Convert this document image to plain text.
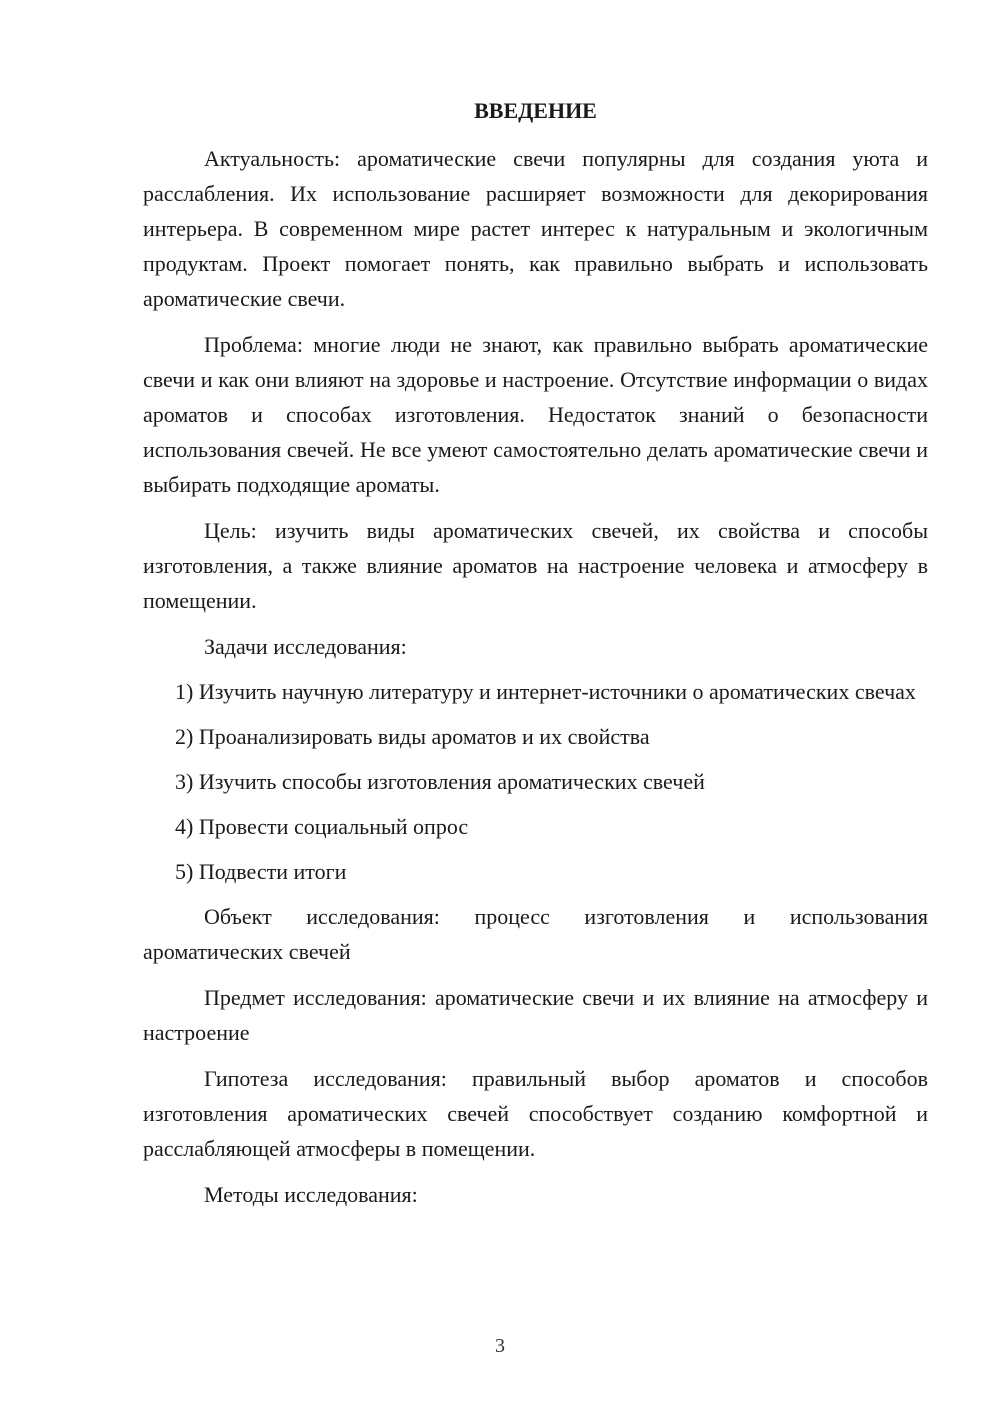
ВВЕДЕНИЕ

Актуальность: ароматические свечи популярны для создания уюта и расслабления. Их использование расширяет возможности для декорирования интерьера. В современном мире растет интерес к натуральным и экологичным продуктам. Проект помогает понять, как правильно выбрать и использовать ароматические свечи.

Проблема: многие люди не знают, как правильно выбрать ароматические свечи и как они влияют на здоровье и настроение. Отсутствие информации о видах ароматов и способах изготовления. Недостаток знаний о безопасности использования свечей. Не все умеют самостоятельно делать ароматические свечи и выбирать подходящие ароматы.

Цель: изучить виды ароматических свечей, их свойства и способы изготовления, а также влияние ароматов на настроение человека и атмосферу в помещении.

Задачи исследования:

1) Изучить научную литературу и интернет-источники о ароматических свечах

2) Проанализировать виды ароматов и их свойства

3) Изучить способы изготовления ароматических свечей

4) Провести социальный опрос

5) Подвести итоги

Объект исследования: процесс изготовления и использования ароматических свечей

Предмет исследования: ароматические свечи и их влияние на атмосферу и настроение

Гипотеза исследования: правильный выбор ароматов и способов изготовления ароматических свечей способствует созданию комфортной и расслабляющей атмосферы в помещении.

Методы исследования:

3
